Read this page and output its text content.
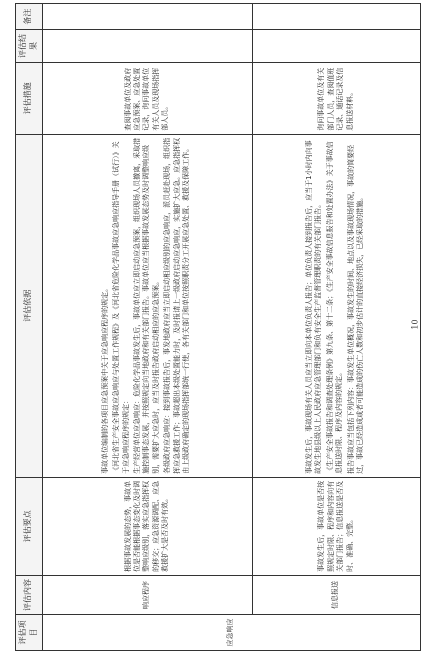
评估项目	评估内容	评估要点	评估依据	评估措施	评估结果	备注
应急响应	响应程序	根据事故发展的态势，事故单位是否能根据事态变化及时调整响应级别，落实应急指挥权的移交；应急资源调配、应急救援扩大是否及时有效。	事故单位编制的各项目应急预案中关于应急响应程序的规定。 《河北省生产安全事故应急响应与处置工作规程》及《河北省危险化学品事故应急响应指导手册（试行）》关于应急响应程序的规定： 生产经营单位应急响应：危险化学品事故发生后，事故单位应立即启动应急预案，组织现场人员撤离，采取措施控制事态发展，并按照规定向当地政府和有关部门报告。事故单位应当根据事故发展态势及时调整响应级别，需要扩大应急时，应当及时报告政府启动相应的应急预案。 各级政府应急响应：接到事故报告后，事发地政府应当立即启动相应级别的应急响应，派员赶赴现场，组织指挥应急救援工作；事故超出本级处置能力时，及时报请上一级政府启动应急响应，实施扩大应急。应急指挥权由上级政府确定的现场指挥部统一行使，各有关部门和单位按照职责分工开展应急处置、救援及保障工作。	查阅事故单位及政府应急预案、应急处置记录，询问事故单位有关人员及现场指挥部人员。		
	信息报送	事故发生后，事故单位是否按照规定时限、程序和内容向有关部门报告；信息报送是否及时、准确、完整。	事故发生后，事故现场有关人员应当立即向本单位负责人报告；单位负责人接到报告后，应当于1小时内向事故发生地县级以上人民政府应急管理部门和负有安全生产监督管理职责的有关部门报告。 《生产安全事故报告和调查处理条例》第九条、第十二条；《生产安全事故信息报告和处置办法》关于事故信息报送时限、程序及内容的规定。 报告事故应当包括下列内容：事故发生单位概况，事故发生的时间、地点以及事故现场情况，事故的简要经过，事故已经造成或者可能造成的伤亡人数和初步估计的直接经济损失，已经采取的措施。	询问事故单位及有关部门人员，查阅值班记录、通话记录及信息报送材料。		
10
